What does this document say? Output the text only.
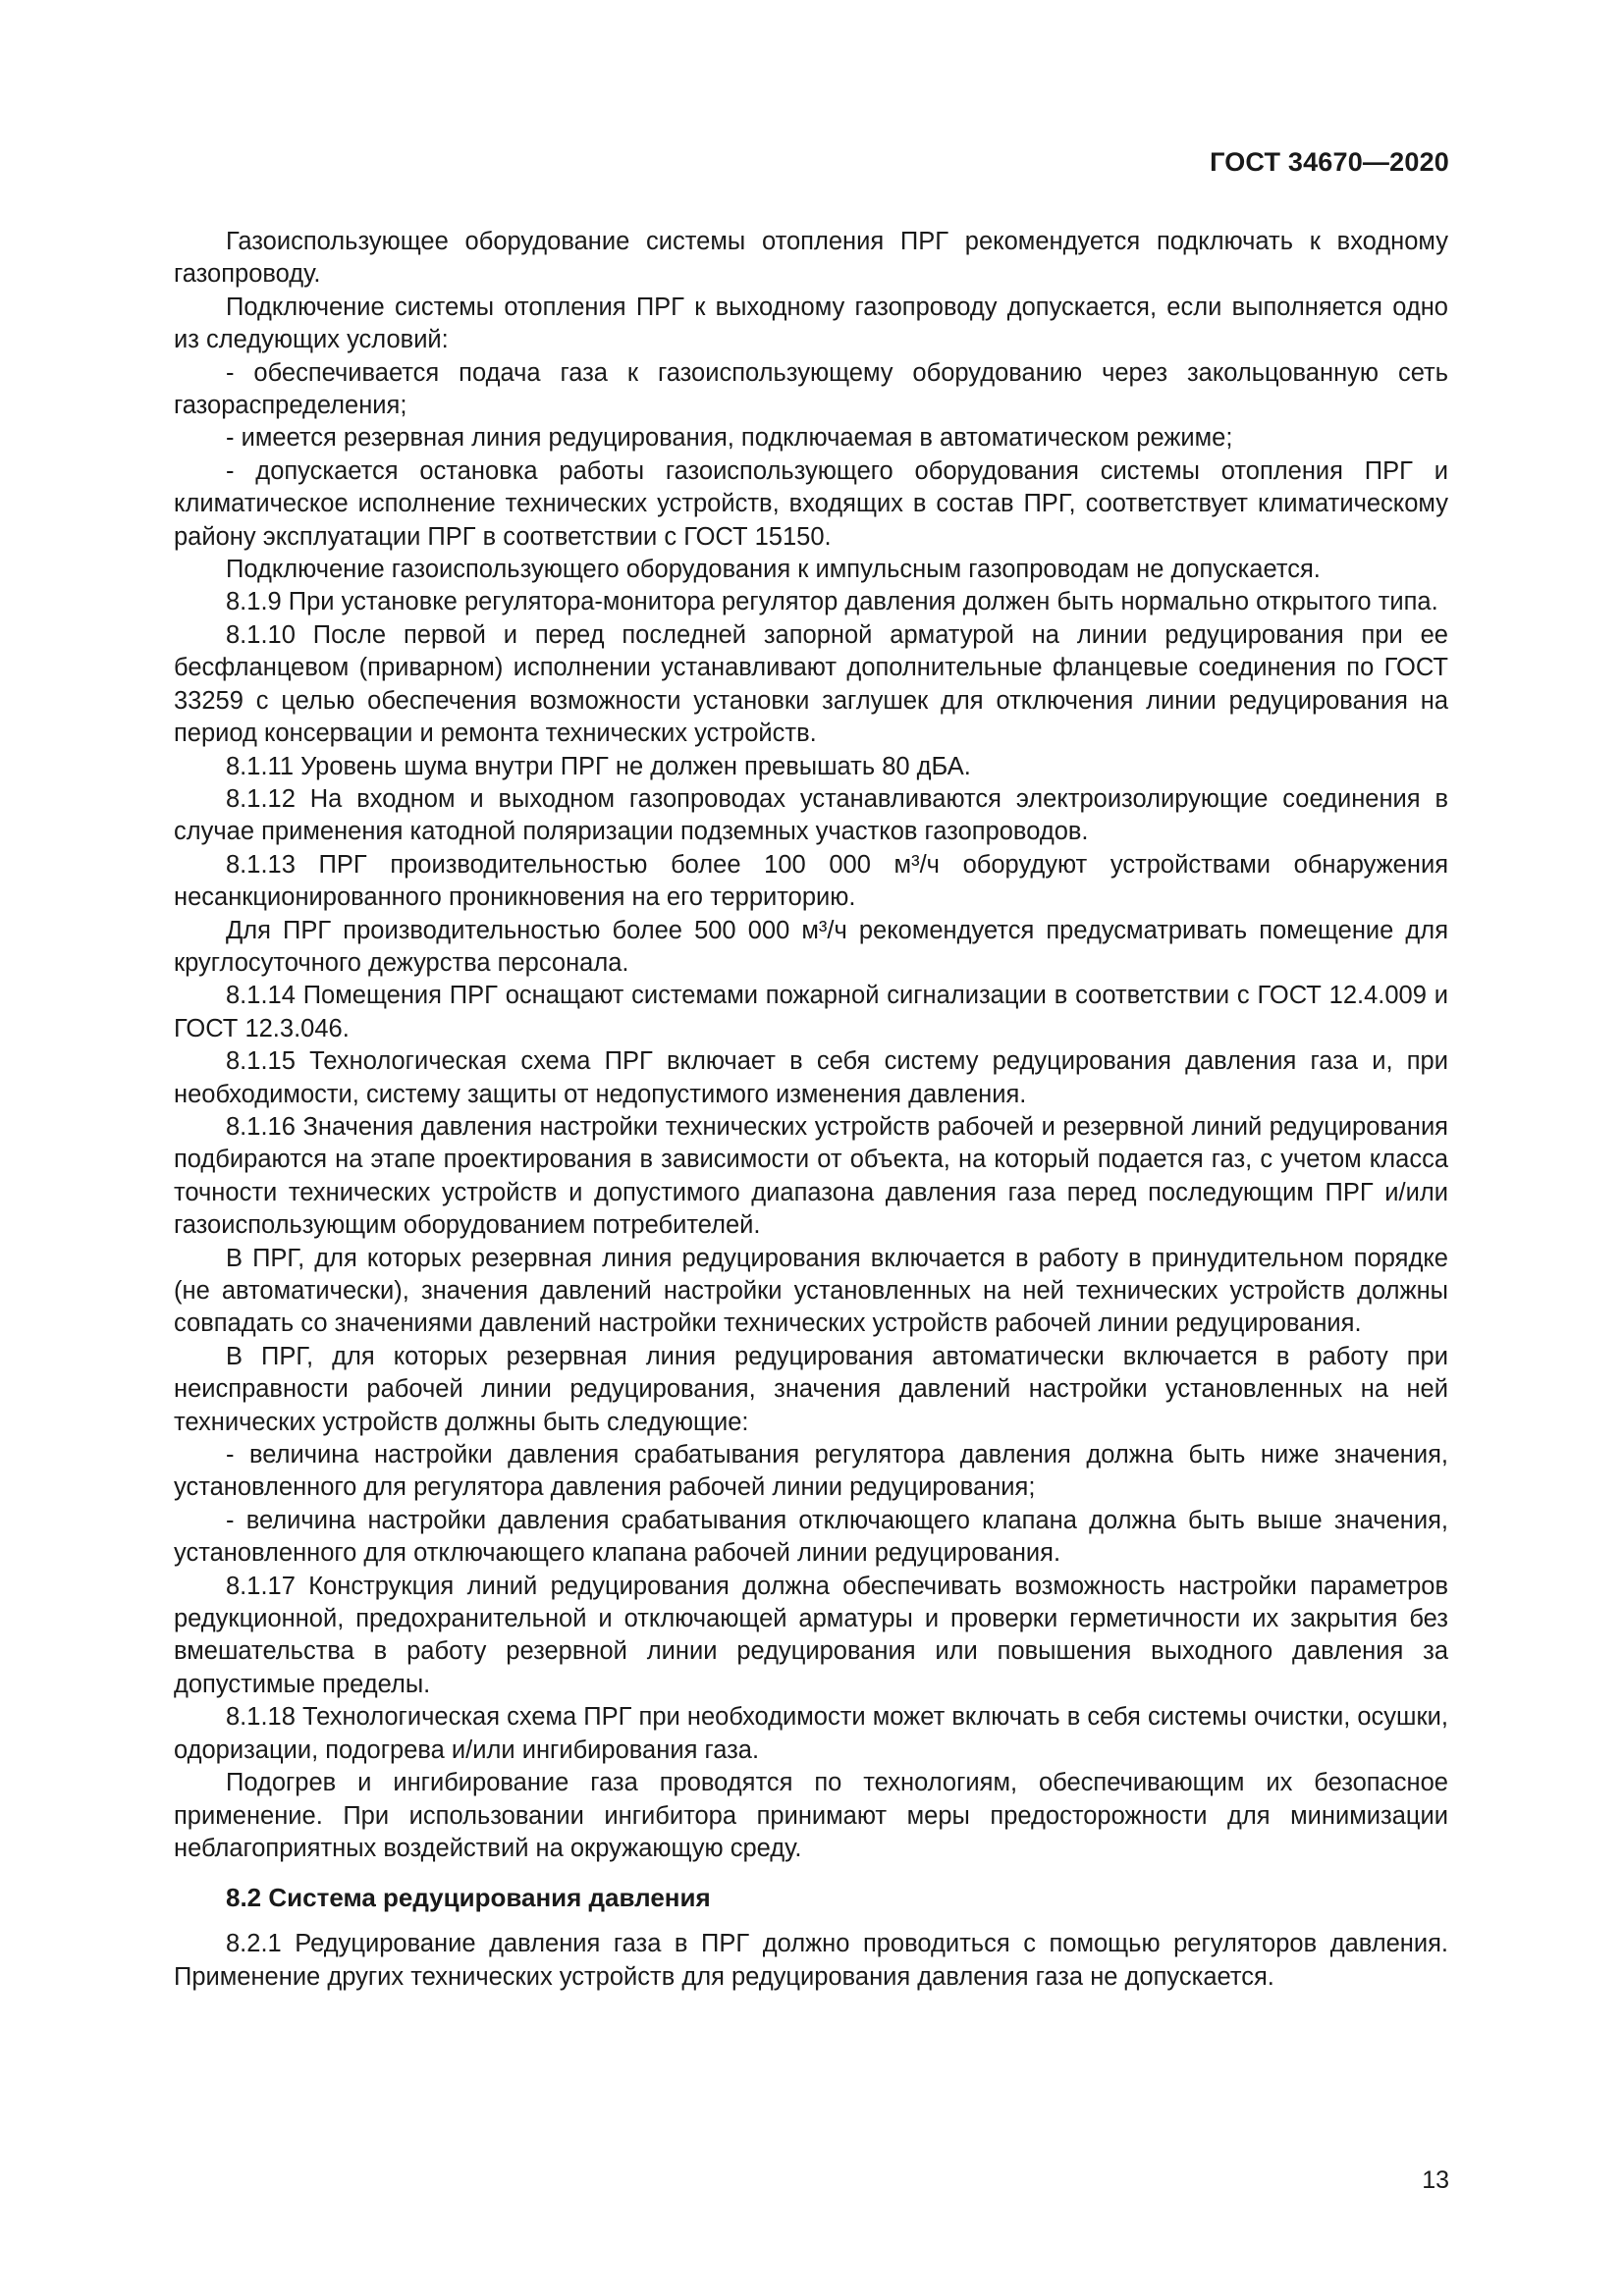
ГОСТ 34670—2020

Газоиспользующее оборудование системы отопления ПРГ рекомендуется подключать к входному газопроводу.

Подключение системы отопления ПРГ к выходному газопроводу допускается, если выполняется одно из следующих условий:

- обеспечивается подача газа к газоиспользующему оборудованию через закольцованную сеть газораспределения;

- имеется резервная линия редуцирования, подключаемая в автоматическом режиме;

- допускается остановка работы газоиспользующего оборудования системы отопления ПРГ и климатическое исполнение технических устройств, входящих в состав ПРГ, соответствует климатическому району эксплуатации ПРГ в соответствии с ГОСТ 15150.

Подключение газоиспользующего оборудования к импульсным газопроводам не допускается.

8.1.9 При установке регулятора-монитора регулятор давления должен быть нормально открытого типа.

8.1.10 После первой и перед последней запорной арматурой на линии редуцирования при ее бесфланцевом (приварном) исполнении устанавливают дополнительные фланцевые соединения по ГОСТ 33259 с целью обеспечения возможности установки заглушек для отключения линии редуцирования на период консервации и ремонта технических устройств.

8.1.11 Уровень шума внутри ПРГ не должен превышать 80 дБА.

8.1.12 На входном и выходном газопроводах устанавливаются электроизолирующие соединения в случае применения катодной поляризации подземных участков газопроводов.

8.1.13 ПРГ производительностью более 100 000 м³/ч оборудуют устройствами обнаружения несанкционированного проникновения на его территорию.

Для ПРГ производительностью более 500 000 м³/ч рекомендуется предусматривать помещение для круглосуточного дежурства персонала.

8.1.14 Помещения ПРГ оснащают системами пожарной сигнализации в соответствии с ГОСТ 12.4.009 и ГОСТ 12.3.046.

8.1.15 Технологическая схема ПРГ включает в себя систему редуцирования давления газа и, при необходимости, систему защиты от недопустимого изменения давления.

8.1.16 Значения давления настройки технических устройств рабочей и резервной линий редуцирования подбираются на этапе проектирования в зависимости от объекта, на который подается газ, с учетом класса точности технических устройств и допустимого диапазона давления газа перед последующим ПРГ и/или газоиспользующим оборудованием потребителей.

В ПРГ, для которых резервная линия редуцирования включается в работу в принудительном порядке (не автоматически), значения давлений настройки установленных на ней технических устройств должны совпадать со значениями давлений настройки технических устройств рабочей линии редуцирования.

В ПРГ, для которых резервная линия редуцирования автоматически включается в работу при неисправности рабочей линии редуцирования, значения давлений настройки установленных на ней технических устройств должны быть следующие:

- величина настройки давления срабатывания регулятора давления должна быть ниже значения, установленного для регулятора давления рабочей линии редуцирования;

- величина настройки давления срабатывания отключающего клапана должна быть выше значения, установленного для отключающего клапана рабочей линии редуцирования.

8.1.17 Конструкция линий редуцирования должна обеспечивать возможность настройки параметров редукционной, предохранительной и отключающей арматуры и проверки герметичности их закрытия без вмешательства в работу резервной линии редуцирования или повышения выходного давления за допустимые пределы.

8.1.18 Технологическая схема ПРГ при необходимости может включать в себя системы очистки, осушки, одоризации, подогрева и/или ингибирования газа.

Подогрев и ингибирование газа проводятся по технологиям, обеспечивающим их безопасное применение. При использовании ингибитора принимают меры предосторожности для минимизации неблагоприятных воздействий на окружающую среду.

8.2 Система редуцирования давления

8.2.1 Редуцирование давления газа в ПРГ должно проводиться с помощью регуляторов давления. Применение других технических устройств для редуцирования давления газа не допускается.

13
